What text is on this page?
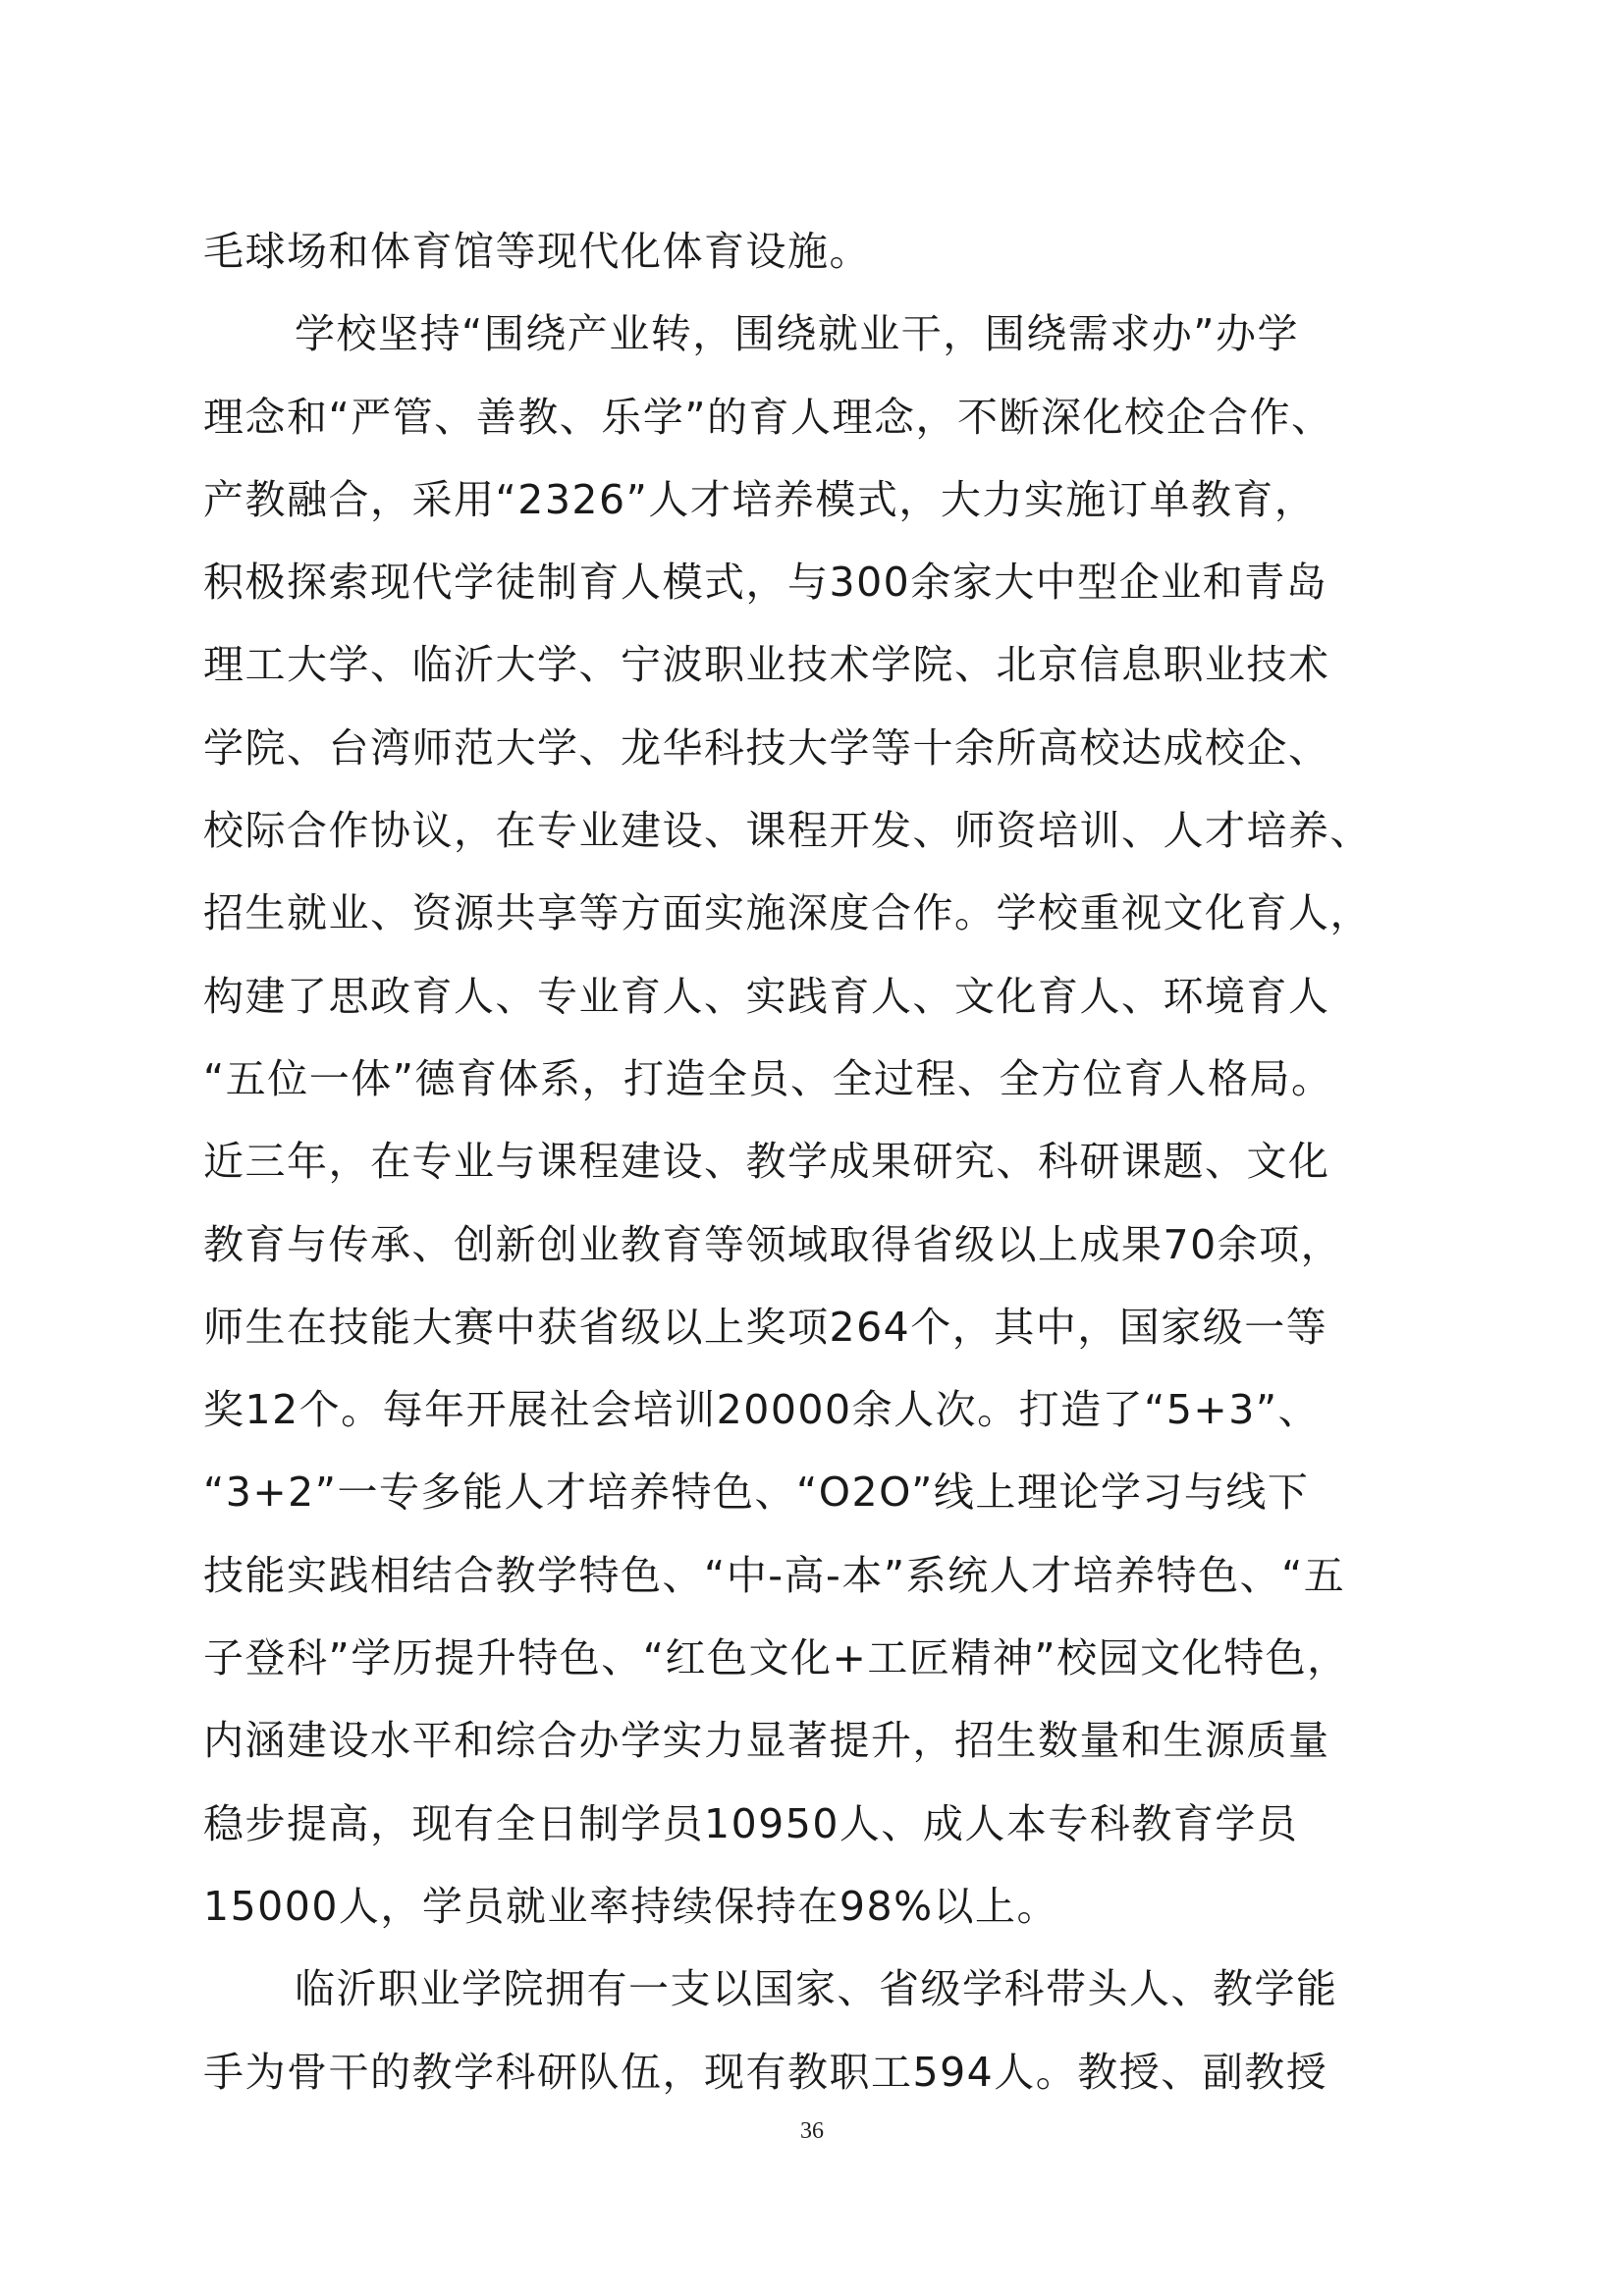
毛球场和体育馆等现代化体育设施。
学校坚持“围绕产业转，围绕就业干，围绕需求办”办学
理念和“严管、善教、乐学”的育人理念，不断深化校企合作、
产教融合，采用“2326”人才培养模式，大力实施订单教育，
积极探索现代学徒制育人模式，与300余家大中型企业和青岛
理工大学、临沂大学、宁波职业技术学院、北京信息职业技术
学院、台湾师范大学、龙华科技大学等十余所高校达成校企、
校际合作协议，在专业建设、课程开发、师资培训、人才培养、
招生就业、资源共享等方面实施深度合作。学校重视文化育人，
构建了思政育人、专业育人、实践育人、文化育人、环境育人
“五位一体”德育体系，打造全员、全过程、全方位育人格局。
近三年，在专业与课程建设、教学成果研究、科研课题、文化
教育与传承、创新创业教育等领域取得省级以上成果70余项，
师生在技能大赛中获省级以上奖项264个，其中，国家级一等
奖12个。每年开展社会培训20000余人次。打造了“5+3”、
“3+2”一专多能人才培养特色、“O2O”线上理论学习与线下
技能实践相结合教学特色、“中-高-本”系统人才培养特色、“五
子登科”学历提升特色、“红色文化+工匠精神”校园文化特色，
内涵建设水平和综合办学实力显著提升，招生数量和生源质量
稳步提高，现有全日制学员10950人、成人本专科教育学员
15000人，学员就业率持续保持在98%以上。
临沂职业学院拥有一支以国家、省级学科带头人、教学能
手为骨干的教学科研队伍，现有教职工594人。教授、副教授
36
